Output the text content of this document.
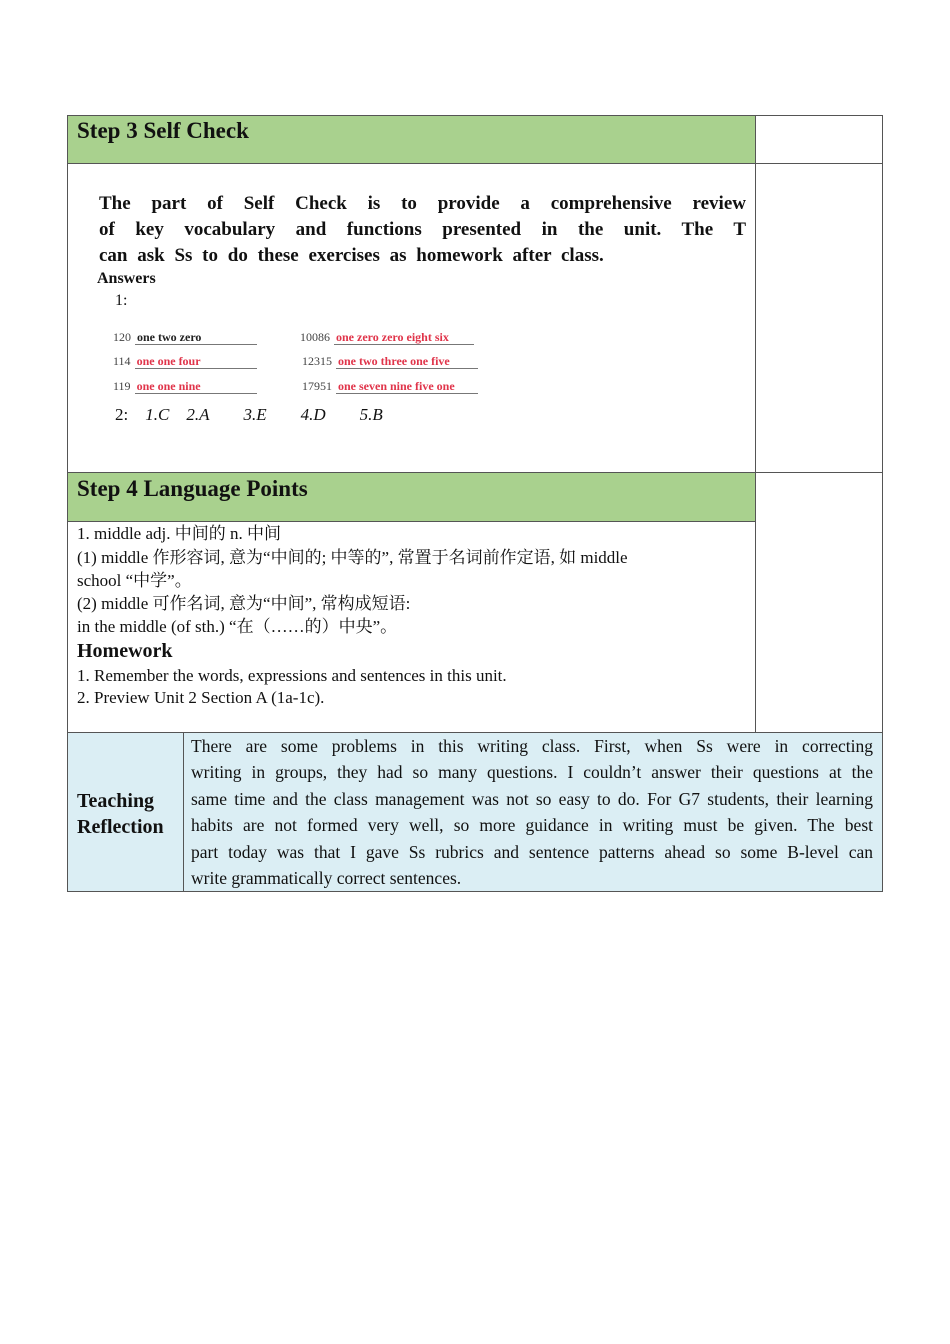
Step 3 Self Check
The part of Self Check is to provide a comprehensive review
of key vocabulary and functions presented in the unit. The T
can ask Ss to do these exercises as homework after class.
Answers
1:
120 one two zero	10086 one zero zero eight six
114 one one four	12315 one two three one five
119 one one nine	17951 one seven nine five one
2: 1.C 2.A 3.E 4.D 5.B
Step 4 Language Points
1. middle adj. 中间的 n. 中间
(1) middle 作形容词, 意为“中间的; 中等的”, 常置于名词前作定语, 如 middle
school “中学”。
(2) middle 可作名词, 意为“中间”, 常构成短语:
in the middle (of sth.) “在（……的）中央”。
Homework
1. Remember the words, expressions and sentences in this unit.
2. Preview Unit 2 Section A (1a-1c).
Teaching
Reflection
There are some problems in this writing class. First, when Ss were in correcting
writing in groups, they had so many questions. I couldn’t answer their questions at the
same time and the class management was not so easy to do. For G7 students, their learning
habits are not formed very well, so more guidance in writing must be given. The best
part today was that I gave Ss rubrics and sentence patterns ahead so some B-level can
write grammatically correct sentences.
